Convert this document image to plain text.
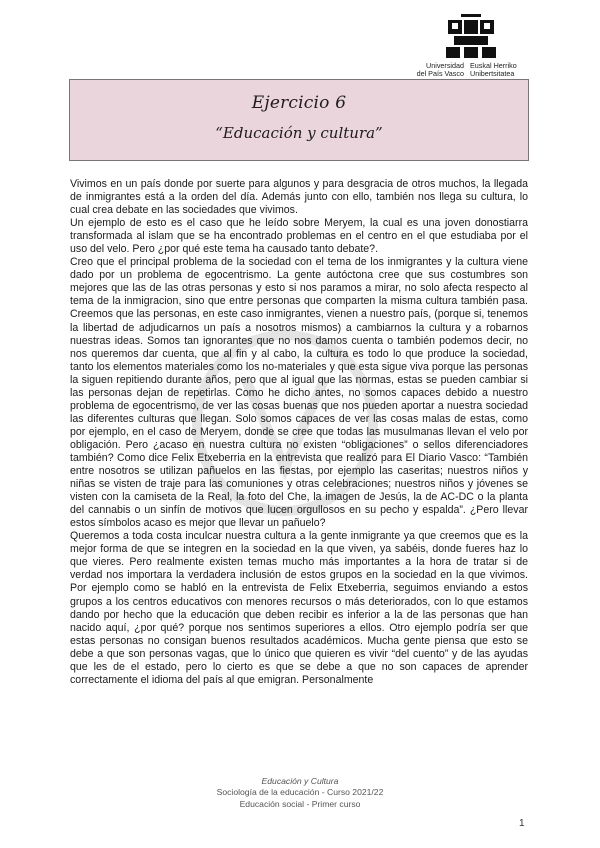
Universidad
del País Vasco
Euskal Herriko
Unibertsitatea
Ejercicio 6
“Educación y cultura”

Vivimos en un país donde por suerte para algunos y para desgracia de otros muchos, la llegada de inmigrantes está a la orden del día. Además junto con ello, también nos llega su cultura, lo cual crea debate en las sociedades que vivimos.

Un ejemplo de esto es el caso que he leído sobre Meryem, la cual es una joven donostiarra transformada al islam que se ha encontrado problemas en el centro en el que estudiaba por el uso del velo. Pero ¿por qué este tema ha causado tanto debate?.

Creo que el principal problema de la sociedad con el tema de los inmigrantes y la cultura viene dado por un problema de egocentrismo. La gente autóctona cree que sus costumbres son mejores que las de las otras personas y esto si nos paramos a mirar, no solo afecta respecto al tema de la inmigracion, sino que entre personas que comparten la misma cultura también pasa. Creemos que las personas, en este caso inmigrantes, vienen a nuestro país, (porque si, tenemos la libertad de adjudicarnos un país a nosotros mismos) a cambiarnos la cultura y a robarnos nuestras ideas. Somos tan ignorantes que no nos damos cuenta o también podemos decir, no nos queremos dar cuenta, que al fin y al cabo, la cultura es todo lo que produce la sociedad, tanto los elementos materiales como los no-materiales y que esta sigue viva porque las personas la siguen repitiendo durante años, pero que al igual que las normas, estas se pueden cambiar si las personas dejan de repetirlas. Como he dicho antes, no somos capaces debido a nuestro problema de egocentrismo, de ver las cosas buenas que nos pueden aportar a nuestra sociedad las diferentes culturas que llegan. Solo somos capaces de ver las cosas malas de estas, como por ejemplo, en el caso de Meryem, donde se cree que todas las musulmanas llevan el velo por obligación. Pero ¿acaso en nuestra cultura no existen “obligaciones” o sellos diferenciadores también? Como dice Felix Etxeberria en la entrevista que realizó para El Diario Vasco: “También entre nosotros se utilizan pañuelos en las fiestas, por ejemplo las caseritas; nuestros niños y niñas se visten de traje para las comuniones y otras celebraciones; nuestros niños y jóvenes se visten con la camiseta de la Real, la foto del Che, la imagen de Jesús, la de AC-DC o la planta del cannabis o un sinfín de motivos que lucen orgullosos en su pecho y espalda”. ¿Pero llevar estos símbolos acaso es mejor que llevar un pañuelo?

Queremos a toda costa inculcar nuestra cultura a la gente inmigrante ya que creemos que es la mejor forma de que se integren en la sociedad en la que viven, ya sabéis, donde fueres haz lo que vieres. Pero realmente existen temas mucho más importantes a la hora de tratar si de verdad nos importara la verdadera inclusión de estos grupos en la sociedad en la que vivimos. Por ejemplo como se habló en la entrevista de Felix Etxeberria, seguimos enviando a estos grupos a los centros educativos con menores recursos o más deteriorados, con lo que estamos dando por hecho que la educación que deben recibir es inferior a la de las personas que han nacido aquí, ¿por qué? porque nos sentimos superiores a ellos. Otro ejemplo podría ser que estas personas no consigan buenos resultados académicos. Mucha gente piensa que esto se debe a que son personas vagas, que lo único que quieren es vivir “del cuento” y de las ayudas que les de el estado, pero lo cierto es que se debe a que no son capaces de aprender correctamente el idioma del país al que emigran. Personalmente

Educación y Cultura
Sociología de la educación - Curso 2021/22
Educación social - Primer curso
1
